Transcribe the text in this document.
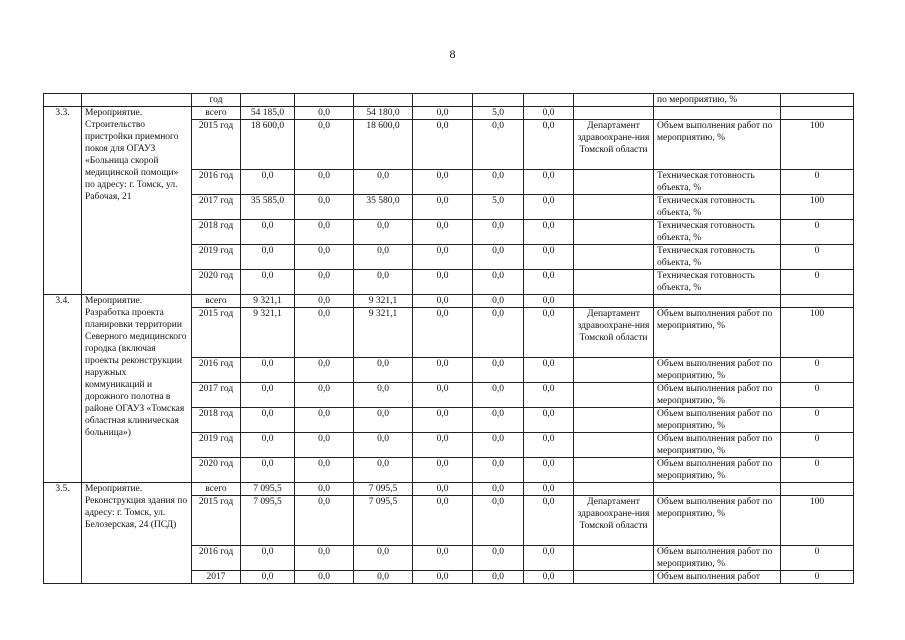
8
		год								по мероприятию, %	
3.3.	Мероприятие. Строительство пристройки приемного покоя для ОГАУЗ «Больница скорой медицинской помощи» по адресу: г. Томск, ул. Рабочая, 21	всего	54 185,0	0,0	54 180,0	0,0	5,0	0,0			
		2015 год	18 600,0	0,0	18 600,0	0,0	0,0	0,0	Департамент здравоохране-ния Томской области	Объем выполнения работ по мероприятию, %	100
		2016 год	0,0	0,0	0,0	0,0	0,0	0,0		Техническая готовность объекта, %	0
		2017 год	35 585,0	0,0	35 580,0	0,0	5,0	0,0		Техническая готовность объекта, %	100
		2018 год	0,0	0,0	0,0	0,0	0,0	0,0		Техническая готовность объекта, %	0
		2019 год	0,0	0,0	0,0	0,0	0,0	0,0		Техническая готовность объекта, %	0
		2020 год	0,0	0,0	0,0	0,0	0,0	0,0		Техническая готовность объекта, %	0
3.4.	Мероприятие. Разработка проекта планировки территории Северного медицинского городка (включая проекты реконструкции наружных коммуникаций и дорожного полотна в районе ОГАУЗ «Томская областная клиническая больница»)	всего	9 321,1	0,0	9 321,1	0,0	0,0	0,0			
		2015 год	9 321,1	0,0	9 321,1	0,0	0,0	0,0	Департамент здравоохране-ния Томской области	Объем выполнения работ по мероприятию, %	100
		2016 год	0,0	0,0	0,0	0,0	0,0	0,0		Объем выполнения работ по мероприятию, %	0
		2017 год	0,0	0,0	0,0	0,0	0,0	0,0		Объем выполнения работ по мероприятию, %	0
		2018 год	0,0	0,0	0,0	0,0	0,0	0,0		Объем выполнения работ по мероприятию, %	0
		2019 год	0,0	0,0	0,0	0,0	0,0	0,0		Объем выполнения работ по мероприятию, %	0
		2020 год	0,0	0,0	0,0	0,0	0,0	0,0		Объем выполнения работ по мероприятию, %	0
3.5.	Мероприятие. Реконструкция здания по адресу: г. Томск, ул. Белозерская, 24 (ПСД)	всего	7 095,5	0,0	7 095,5	0,0	0,0	0,0			
		2015 год	7 095,5	0,0	7 095,5	0,0	0,0	0,0	Департамент здравоохране-ния Томской области	Объем выполнения работ по мероприятию, %	100
		2016 год	0,0	0,0	0,0	0,0	0,0	0,0		Объем выполнения работ по мероприятию, %	0
		2017	0,0	0,0	0,0	0,0	0,0	0,0		Объем выполнения работ	0
